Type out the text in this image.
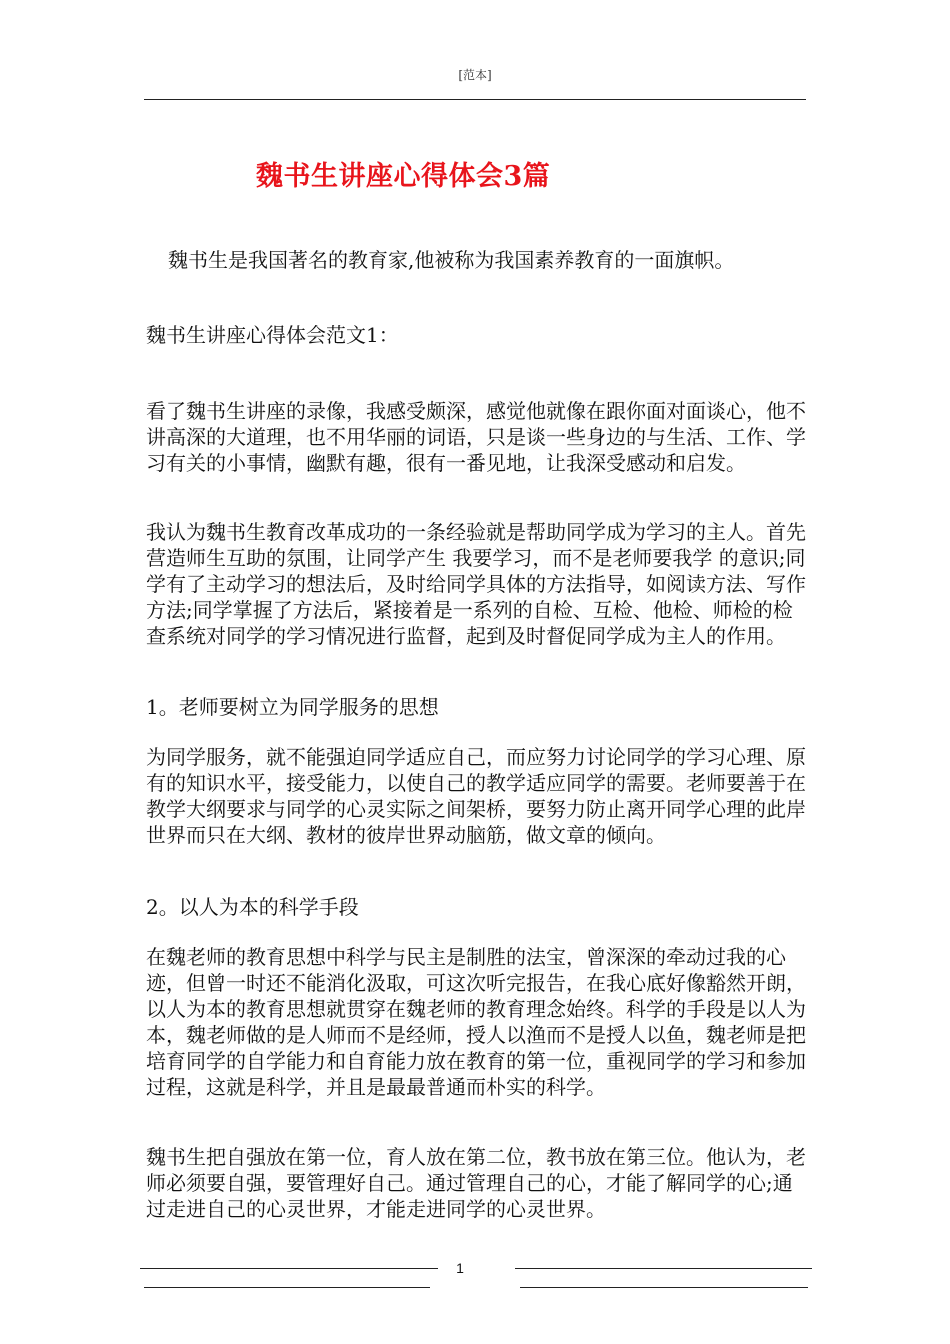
[范本]
魏书生讲座心得体会3篇
魏书生是我国著名的教育家,他被称为我国素养教育的一面旗帜。
魏书生讲座心得体会范文1：

看了魏书生讲座的录像，我感受颇深，感觉他就像在跟你面对面谈心，他不讲高深的大道理，也不用华丽的词语，只是谈一些身边的与生活、工作、学习有关的小事情，幽默有趣，很有一番见地，让我深受感动和启发。

我认为魏书生教育改革成功的一条经验就是帮助同学成为学习的主人。首先营造师生互助的氛围，让同学产生 我要学习，而不是老师要我学 的意识;同学有了主动学习的想法后，及时给同学具体的方法指导，如阅读方法、写作方法;同学掌握了方法后，紧接着是一系列的自检、互检、他检、师检的检查系统对同学的学习情况进行监督，起到及时督促同学成为主人的作用。

1。老师要树立为同学服务的思想

为同学服务，就不能强迫同学适应自己，而应努力讨论同学的学习心理、原有的知识水平，接受能力，以使自己的教学适应同学的需要。老师要善于在教学大纲要求与同学的心灵实际之间架桥，要努力防止离开同学心理的此岸世界而只在大纲、教材的彼岸世界动脑筋，做文章的倾向。

2。以人为本的科学手段

在魏老师的教育思想中科学与民主是制胜的法宝，曾深深的牵动过我的心迹，但曾一时还不能消化汲取，可这次听完报告，在我心底好像豁然开朗，以人为本的教育思想就贯穿在魏老师的教育理念始终。科学的手段是以人为本，魏老师做的是人师而不是经师，授人以渔而不是授人以鱼，魏老师是把培育同学的自学能力和自育能力放在教育的第一位，重视同学的学习和参加过程，这就是科学，并且是最最普通而朴实的科学。

魏书生把自强放在第一位，育人放在第二位，教书放在第三位。他认为，老师必须要自强，要管理好自己。通过管理自己的心，才能了解同学的心;通过走进自己的心灵世界，才能走进同学的心灵世界。

1
